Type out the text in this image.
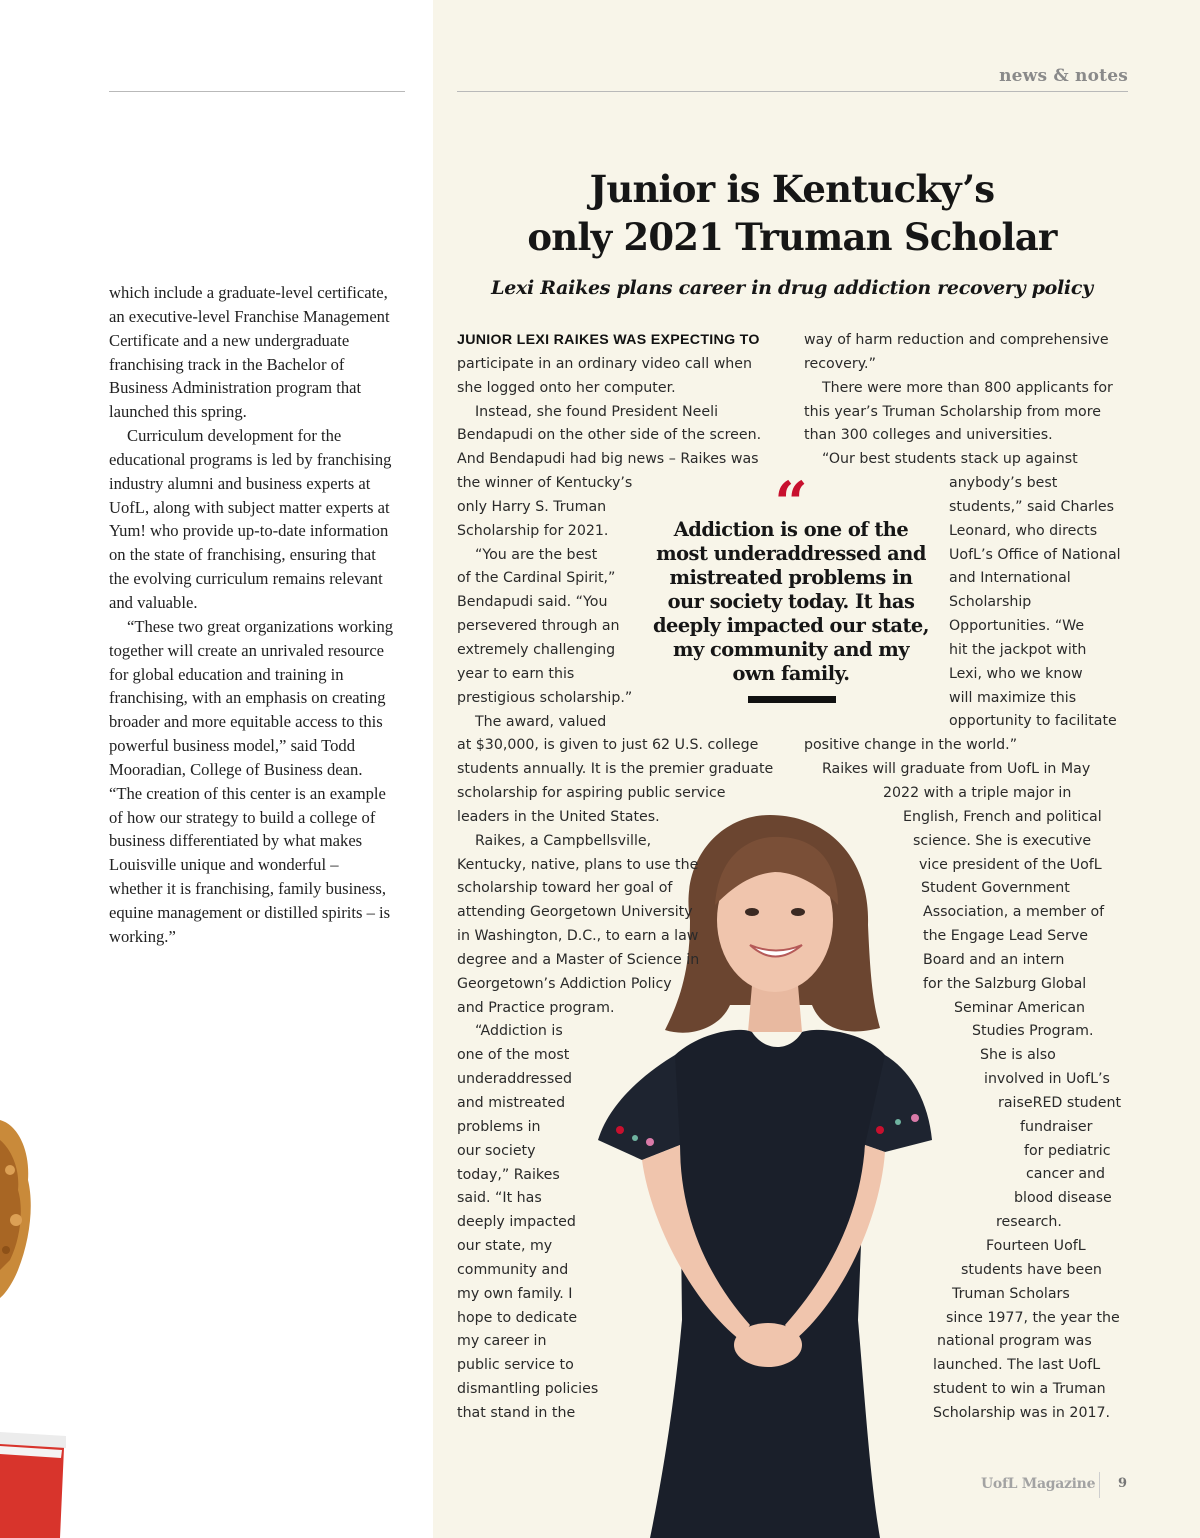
news & notes

which include a graduate-level certificate, an executive-level Franchise Management Certificate and a new undergraduate franchising track in the Bachelor of Business Administration program that launched this spring.

Curriculum development for the educational programs is led by franchising industry alumni and business experts at UofL, along with subject matter experts at Yum! who provide up-to-date information on the state of franchising, ensuring that the evolving curriculum remains relevant and valuable.

“These two great organizations working together will create an unrivaled resource for global education and training in franchising, with an emphasis on creating broader and more equitable access to this powerful business model,” said Todd Mooradian, College of Business dean. “The creation of this center is an example of how our strategy to build a college of business differentiated by what makes Louisville unique and wonderful – whether it is franchising, family business, equine management or distilled spirits – is working.”

Junior is Kentucky’s
only 2021 Truman Scholar
Lexi Raikes plans career in drug addiction recovery policy
JUNIOR LEXI RAIKES WAS EXPECTING TO
participate in an ordinary video call when
she logged onto her computer.
Instead, she found President Neeli
Bendapudi on the other side of the screen.
And Bendapudi had big news – Raikes was
the winner of Kentucky’s
only Harry S. Truman
Scholarship for 2021.
“You are the best
of the Cardinal Spirit,”
Bendapudi said. “You
persevered through an
extremely challenging
year to earn this
prestigious scholarship.”
The award, valued
at $30,000, is given to just 62 U.S. college
students annually. It is the premier graduate
scholarship for aspiring public service
leaders in the United States.
Raikes, a Campbellsville,
Kentucky, native, plans to use the
scholarship toward her goal of
attending Georgetown University
in Washington, D.C., to earn a law
degree and a Master of Science in
Georgetown’s Addiction Policy
and Practice program.
“Addiction is
one of the most
underaddressed
and mistreated
problems in
our society
today,” Raikes
said. “It has
deeply impacted
our state, my
community and
my own family. I
hope to dedicate
my career in
public service to
dismantling policies
that stand in the
way of harm reduction and comprehensive
recovery.”
There were more than 800 applicants for
this year’s Truman Scholarship from more
than 300 colleges and universities.
“Our best students stack up against
anybody’s best
students,” said Charles
Leonard, who directs
UofL’s Office of National
and International
Scholarship
Opportunities. “We
hit the jackpot with
Lexi, who we know
will maximize this
opportunity to facilitate
positive change in the world.”
Raikes will graduate from UofL in May
2022 with a triple major in
English, French and political
science. She is executive
vice president of the UofL
Student Government
Association, a member of
the Engage Lead Serve
Board and an intern
for the Salzburg Global
Seminar American
Studies Program.
She is also
involved in UofL’s
raiseRED student
fundraiser
for pediatric
cancer and
blood disease
research.
Fourteen UofL
students have been
Truman Scholars
since 1977, the year the
national program was
launched. The last UofL
student to win a Truman
Scholarship was in 2017.
“
Addiction is one of the
most underaddressed and
mistreated problems in
our society today. It has
deeply impacted our state,
my community and my
own family.
UofL Magazine 9
